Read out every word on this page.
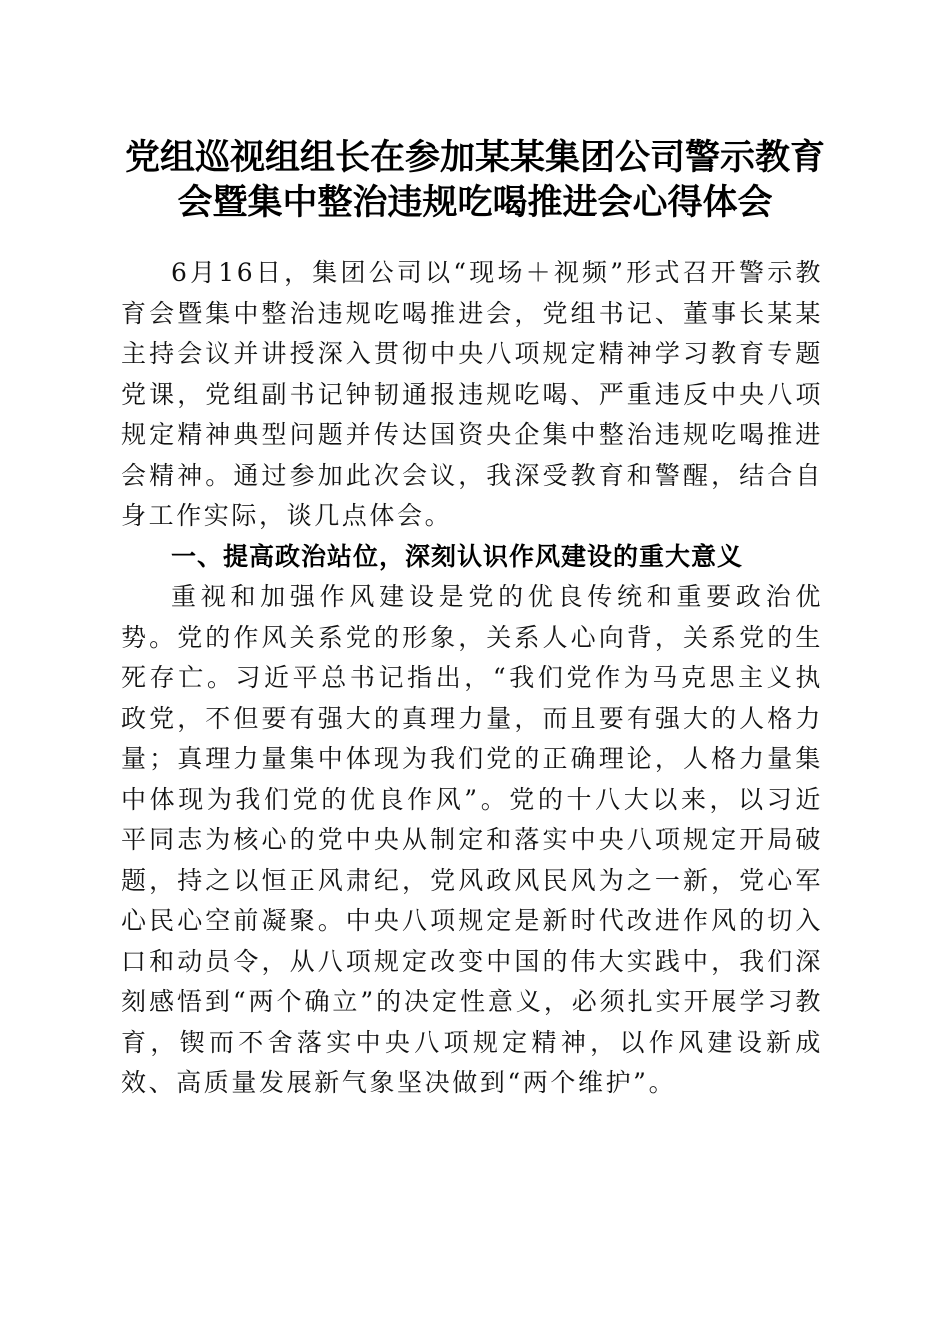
党组巡视组组长在参加某某集团公司警示教育
会暨集中整治违规吃喝推进会心得体会

6月16日，集团公司以“现场＋视频”形式召开警示教育会暨集中整治违规吃喝推进会，党组书记、董事长某某主持会议并讲授深入贯彻中央八项规定精神学习教育专题党课，党组副书记钟韧通报违规吃喝、严重违反中央八项规定精神典型问题并传达国资央企集中整治违规吃喝推进会精神。通过参加此次会议，我深受教育和警醒，结合自身工作实际，谈几点体会。

一、提高政治站位，深刻认识作风建设的重大意义

重视和加强作风建设是党的优良传统和重要政治优势。党的作风关系党的形象，关系人心向背，关系党的生死存亡。习近平总书记指出，“我们党作为马克思主义执政党，不但要有强大的真理力量，而且要有强大的人格力量；真理力量集中体现为我们党的正确理论，人格力量集中体现为我们党的优良作风”。党的十八大以来，以习近平同志为核心的党中央从制定和落实中央八项规定开局破题，持之以恒正风肃纪，党风政风民风为之一新，党心军心民心空前凝聚。中央八项规定是新时代改进作风的切入口和动员令，从八项规定改变中国的伟大实践中，我们深刻感悟到“两个确立”的决定性意义，必须扎实开展学习教育，锲而不舍落实中央八项规定精神，以作风建设新成效、高质量发展新气象坚决做到“两个维护”。
